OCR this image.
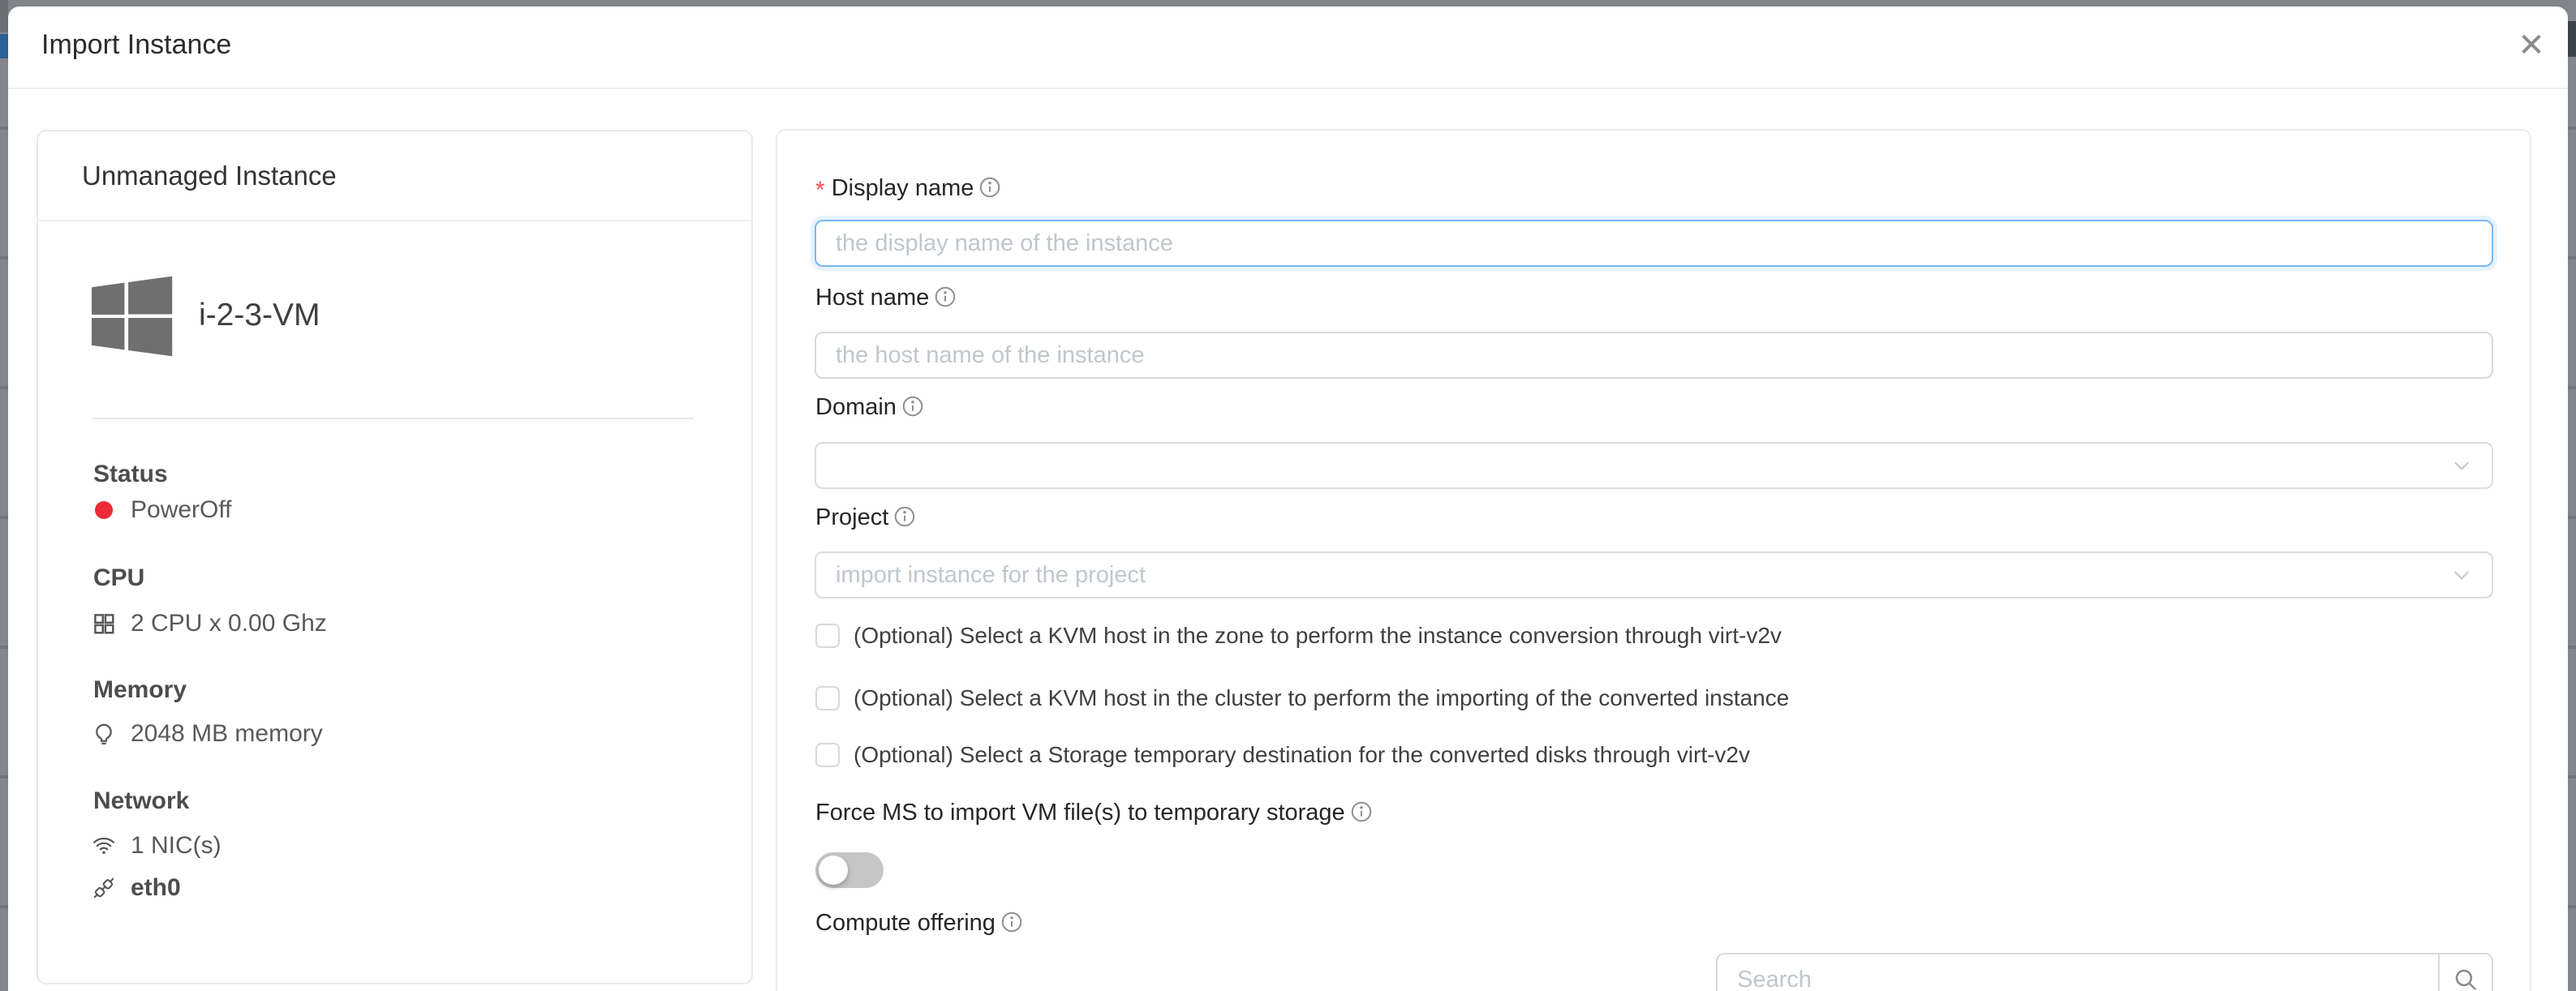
Import Instance	✕
Unmanaged Instance
i-2-3-VM
Status
PowerOff
CPU
2 CPU x 0.00 Ghz
Memory
2048 MB memory
Network
1 NIC(s)
eth0
* Display name
the display name of the instance
Host name
the host name of the instance
Domain
Project
import instance for the project
(Optional) Select a KVM host in the zone to perform the instance conversion through virt-v2v
(Optional) Select a KVM host in the cluster to perform the importing of the converted instance
(Optional) Select a Storage temporary destination for the converted disks through virt-v2v
Force MS to import VM file(s) to temporary storage
Compute offering
Search
